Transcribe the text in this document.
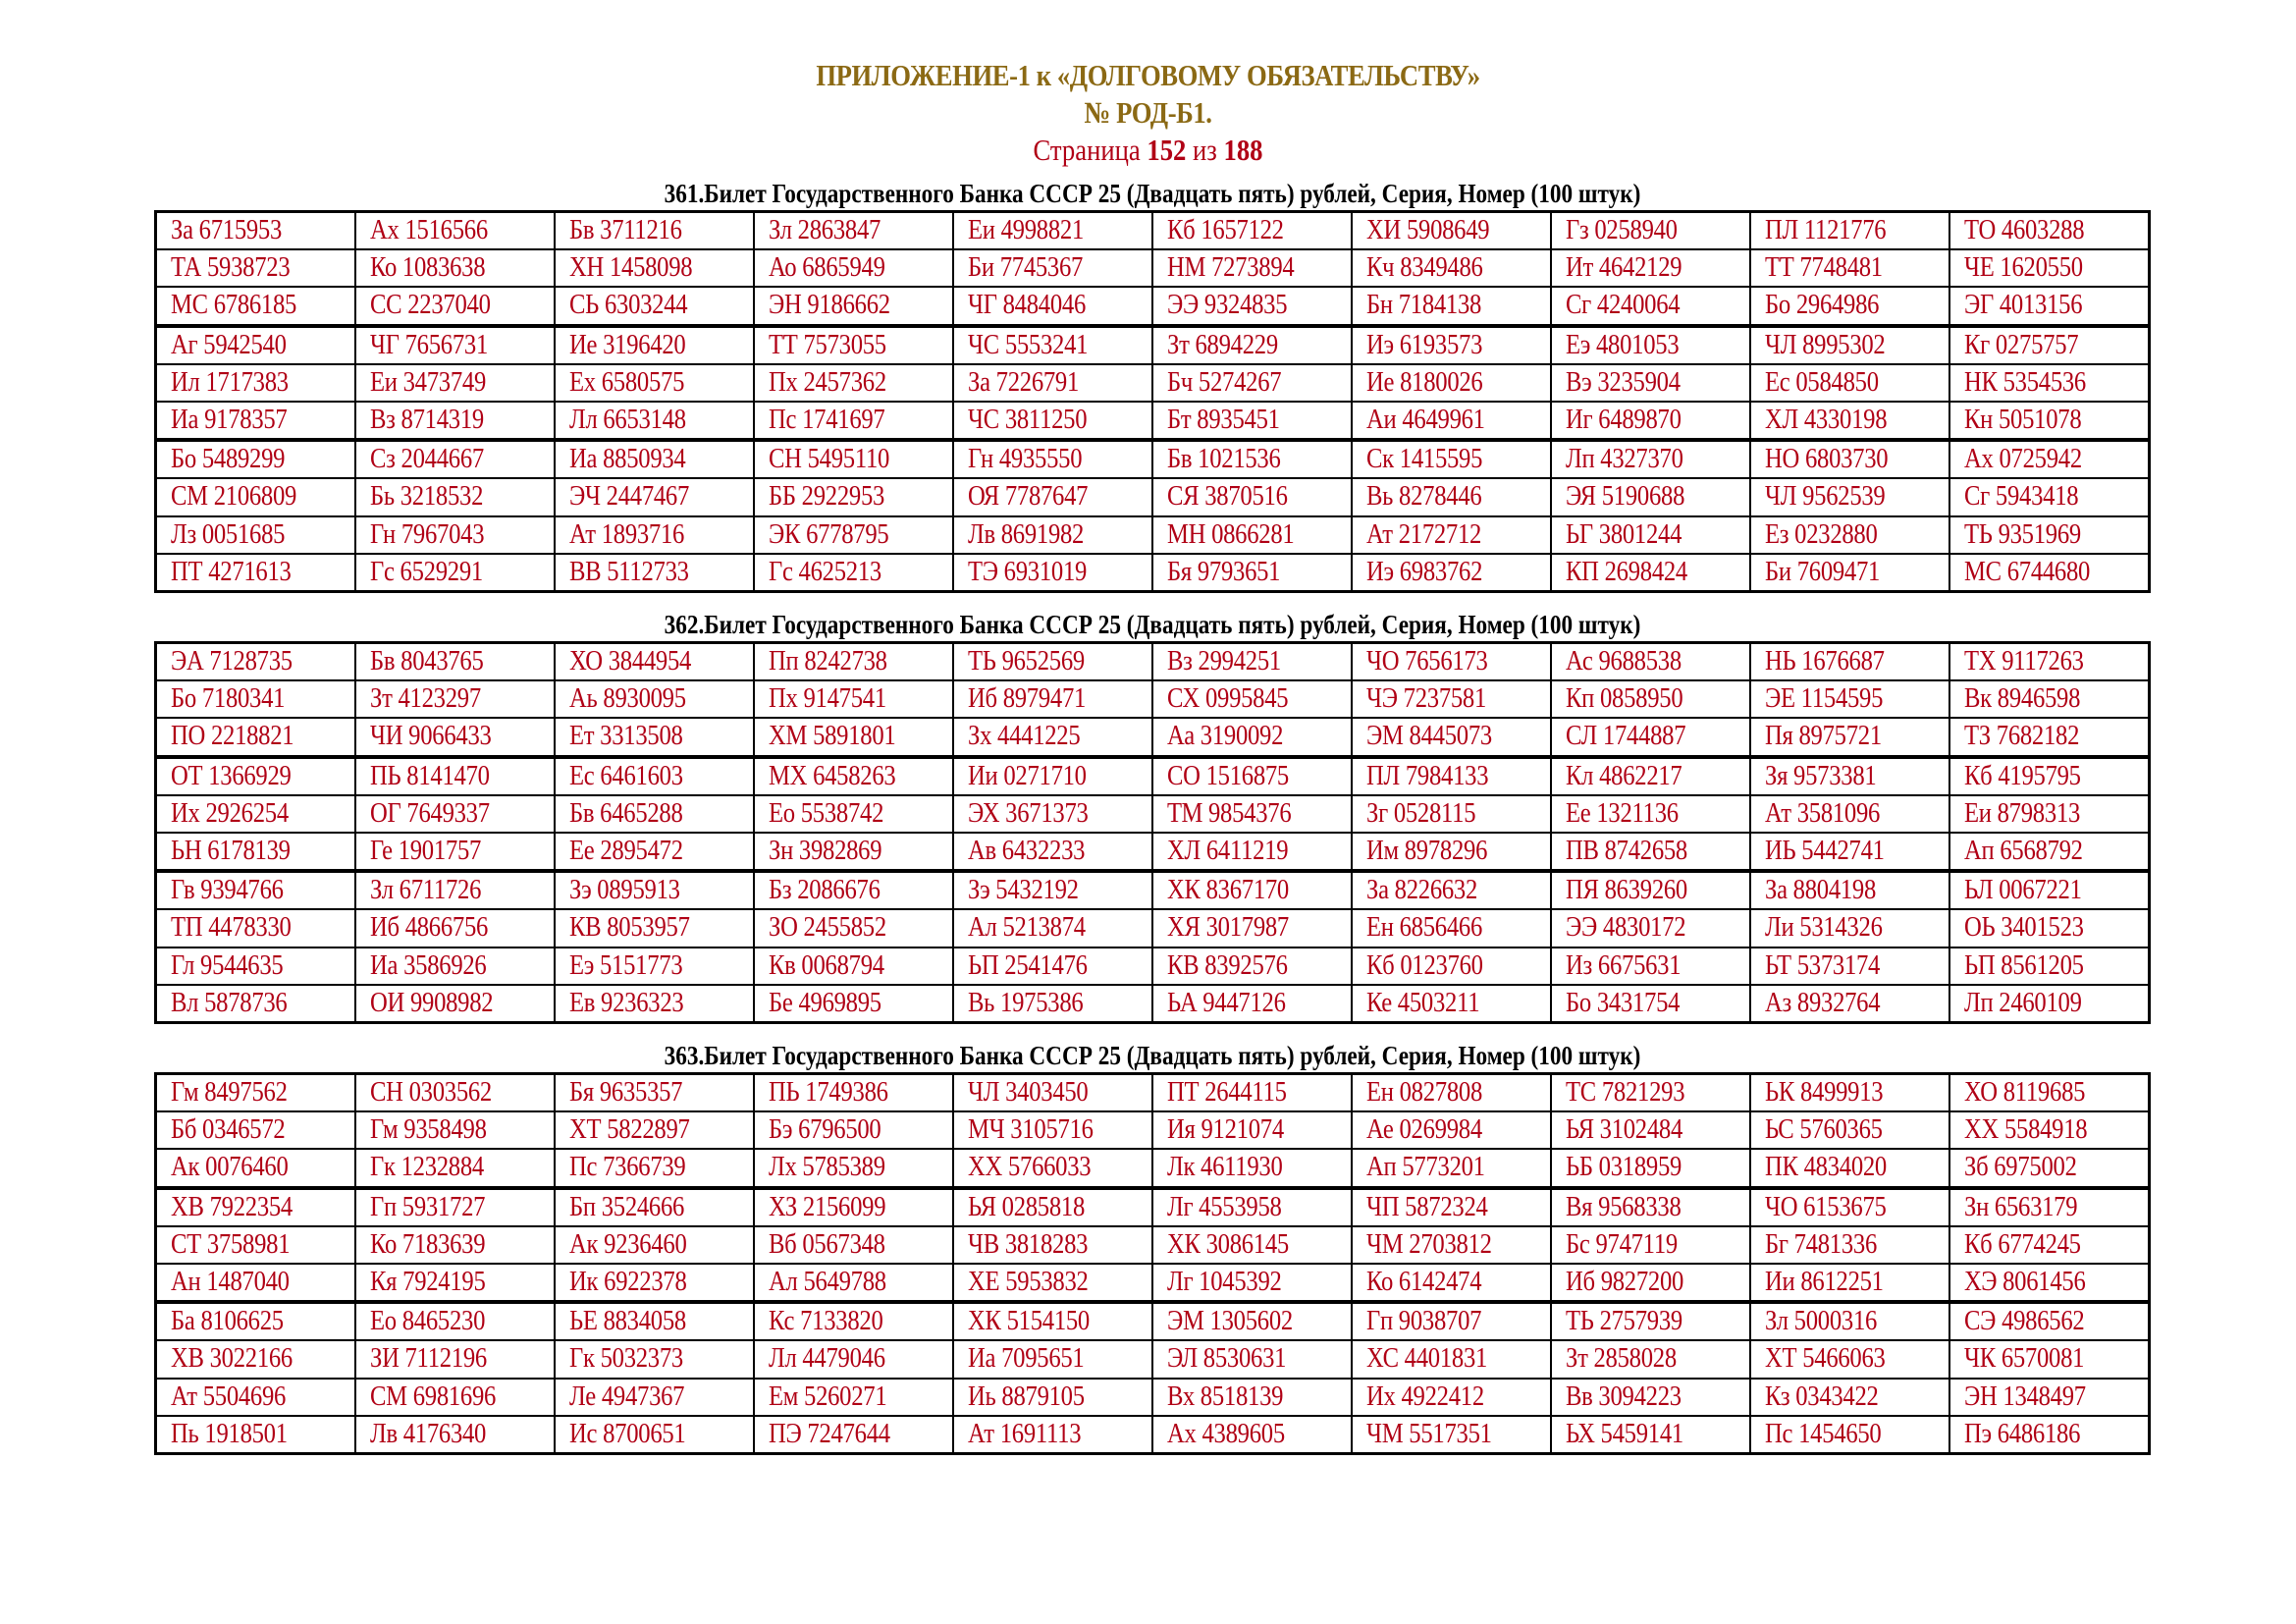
ПРИЛОЖЕНИЕ-1 к «ДОЛГОВОМУ ОБЯЗАТЕЛЬСТВУ»
№ РОД-Б1.
Страница 152 из 188
361.Билет Государственного Банка СССР 25 (Двадцать пять) рублей, Серия, Номер (100 штук)
За 6715953	Ах 1516566	Бв 3711216	Зл 2863847	Еи 4998821	Кб 1657122	ХИ 5908649	Гз 0258940	ПЛ 1121776	ТО 4603288
ТА 5938723	Ко 1083638	ХН 1458098	Ао 6865949	Би 7745367	НМ 7273894	Кч 8349486	Ит 4642129	ТТ 7748481	ЧЕ 1620550
МС 6786185	СС 2237040	СЬ 6303244	ЭН 9186662	ЧГ 8484046	ЭЭ 9324835	Бн 7184138	Сг 4240064	Бо 2964986	ЭГ 4013156
Аг 5942540	ЧГ 7656731	Ие 3196420	ТТ 7573055	ЧС 5553241	Зт 6894229	Иэ 6193573	Еэ 4801053	ЧЛ 8995302	Кг 0275757
Ил 1717383	Еи 3473749	Ех 6580575	Пх 2457362	За 7226791	Бч 5274267	Ие 8180026	Вэ 3235904	Ес 0584850	НК 5354536
Иа 9178357	Вз 8714319	Лл 6653148	Пс 1741697	ЧС 3811250	Бт 8935451	Аи 4649961	Иг 6489870	ХЛ 4330198	Кн 5051078
Бо 5489299	Сз 2044667	Иа 8850934	СН 5495110	Гн 4935550	Бв 1021536	Ск 1415595	Лп 4327370	НО 6803730	Ах 0725942
СМ 2106809	Бь 3218532	ЭЧ 2447467	ББ 2922953	ОЯ 7787647	СЯ 3870516	Вь 8278446	ЭЯ 5190688	ЧЛ 9562539	Сг 5943418
Лз 0051685	Гн 7967043	Ат 1893716	ЭК 6778795	Лв 8691982	МН 0866281	Ат 2172712	ЬГ 3801244	Ез 0232880	ТЬ 9351969
ПТ 4271613	Гс 6529291	ВВ 5112733	Гс 4625213	ТЭ 6931019	Бя 9793651	Иэ 6983762	КП 2698424	Би 7609471	МС 6744680
362.Билет Государственного Банка СССР 25 (Двадцать пять) рублей, Серия, Номер (100 штук)
ЭА 7128735	Бв 8043765	ХО 3844954	Пп 8242738	ТЬ 9652569	Вз 2994251	ЧО 7656173	Ас 9688538	НЬ 1676687	ТХ 9117263
Бо 7180341	Зт 4123297	Аь 8930095	Пх 9147541	Иб 8979471	СХ 0995845	ЧЭ 7237581	Кп 0858950	ЭЕ 1154595	Вк 8946598
ПО 2218821	ЧИ 9066433	Ет 3313508	ХМ 5891801	Зх 4441225	Аа 3190092	ЭМ 8445073	СЛ 1744887	Пя 8975721	ТЗ 7682182
ОТ 1366929	ПЬ 8141470	Ес 6461603	МХ 6458263	Ии 0271710	СО 1516875	ПЛ 7984133	Кл 4862217	Зя 9573381	Кб 4195795
Их 2926254	ОГ 7649337	Бв 6465288	Ео 5538742	ЭХ 3671373	ТМ 9854376	Зг 0528115	Ее 1321136	Ат 3581096	Еи 8798313
ЬН 6178139	Ге 1901757	Ее 2895472	Зн 3982869	Ав 6432233	ХЛ 6411219	Им 8978296	ПВ 8742658	ИЬ 5442741	Ап 6568792
Гв 9394766	Зл 6711726	Зэ 0895913	Бз 2086676	Зэ 5432192	ХК 8367170	За 8226632	ПЯ 8639260	За 8804198	ЬЛ 0067221
ТП 4478330	Иб 4866756	КВ 8053957	ЗО 2455852	Ал 5213874	ХЯ 3017987	Ен 6856466	ЭЭ 4830172	Ли 5314326	ОЬ 3401523
Гл 9544635	Иа 3586926	Еэ 5151773	Кв 0068794	ЬП 2541476	КВ 8392576	Кб 0123760	Из 6675631	ЬТ 5373174	ЬП 8561205
Вл 5878736	ОИ 9908982	Ев 9236323	Бе 4969895	Вь 1975386	ЬА 9447126	Ке 4503211	Бо 3431754	Аз 8932764	Лп 2460109
363.Билет Государственного Банка СССР 25 (Двадцать пять) рублей, Серия, Номер (100 штук)
Гм 8497562	СН 0303562	Бя 9635357	ПЬ 1749386	ЧЛ 3403450	ПТ 2644115	Ен 0827808	ТС 7821293	ЬК 8499913	ХО 8119685
Бб 0346572	Гм 9358498	ХТ 5822897	Бэ 6796500	МЧ 3105716	Ия 9121074	Ае 0269984	ЬЯ 3102484	ЬС 5760365	ХХ 5584918
Ак 0076460	Гк 1232884	Пс 7366739	Лх 5785389	ХХ 5766033	Лк 4611930	Ап 5773201	ЬБ 0318959	ПК 4834020	Зб 6975002
ХВ 7922354	Гп 5931727	Бп 3524666	ХЗ 2156099	ЬЯ 0285818	Лг 4553958	ЧП 5872324	Вя 9568338	ЧО 6153675	Зн 6563179
СТ 3758981	Ко 7183639	Ак 9236460	Вб 0567348	ЧВ 3818283	ХК 3086145	ЧМ 2703812	Бс 9747119	Бг 7481336	Кб 6774245
Ан 1487040	Кя 7924195	Ик 6922378	Ал 5649788	ХЕ 5953832	Лг 1045392	Ко 6142474	Иб 9827200	Ии 8612251	ХЭ 8061456
Ба 8106625	Ео 8465230	ЬЕ 8834058	Кс 7133820	ХК 5154150	ЭМ 1305602	Гп 9038707	ТЬ 2757939	Зл 5000316	СЭ 4986562
ХВ 3022166	ЗИ 7112196	Гк 5032373	Лл 4479046	Иа 7095651	ЭЛ 8530631	ХС 4401831	Зт 2858028	ХТ 5466063	ЧК 6570081
Ат 5504696	СМ 6981696	Ле 4947367	Ем 5260271	Иь 8879105	Вх 8518139	Их 4922412	Вв 3094223	Кз 0343422	ЭН 1348497
Пь 1918501	Лв 4176340	Ис 8700651	ПЭ 7247644	Ат 1691113	Ах 4389605	ЧМ 5517351	ЬХ 5459141	Пс 1454650	Пэ 6486186
